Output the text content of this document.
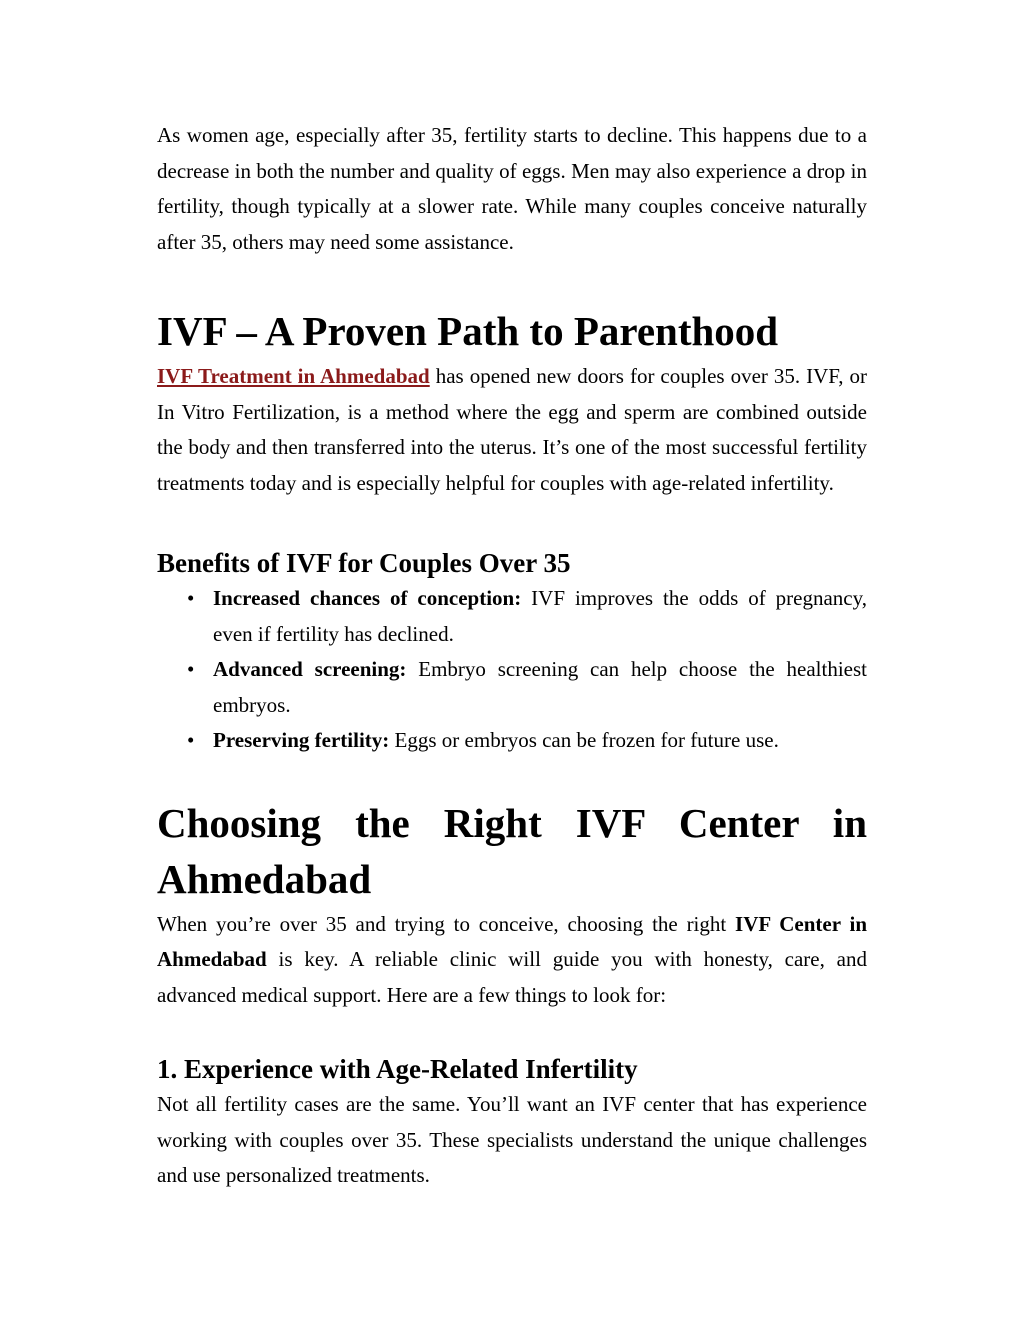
As women age, especially after 35, fertility starts to decline. This happens due to a decrease in both the number and quality of eggs. Men may also experience a drop in fertility, though typically at a slower rate. While many couples conceive naturally after 35, others may need some assistance.

IVF – A Proven Path to Parenthood

IVF Treatment in Ahmedabad has opened new doors for couples over 35. IVF, or In Vitro Fertilization, is a method where the egg and sperm are combined outside the body and then transferred into the uterus. It’s one of the most successful fertility treatments today and is especially helpful for couples with age-related infertility.

Benefits of IVF for Couples Over 35
• Increased chances of conception: IVF improves the odds of pregnancy, even if fertility has declined.
• Advanced screening: Embryo screening can help choose the healthiest embryos.
• Preserving fertility: Eggs or embryos can be frozen for future use.
Choosing the Right IVF Center in Ahmedabad

When you’re over 35 and trying to conceive, choosing the right IVF Center in Ahmedabad is key. A reliable clinic will guide you with honesty, care, and advanced medical support. Here are a few things to look for:

1. Experience with Age-Related Infertility

Not all fertility cases are the same. You’ll want an IVF center that has experience working with couples over 35. These specialists understand the unique challenges and use personalized treatments.
